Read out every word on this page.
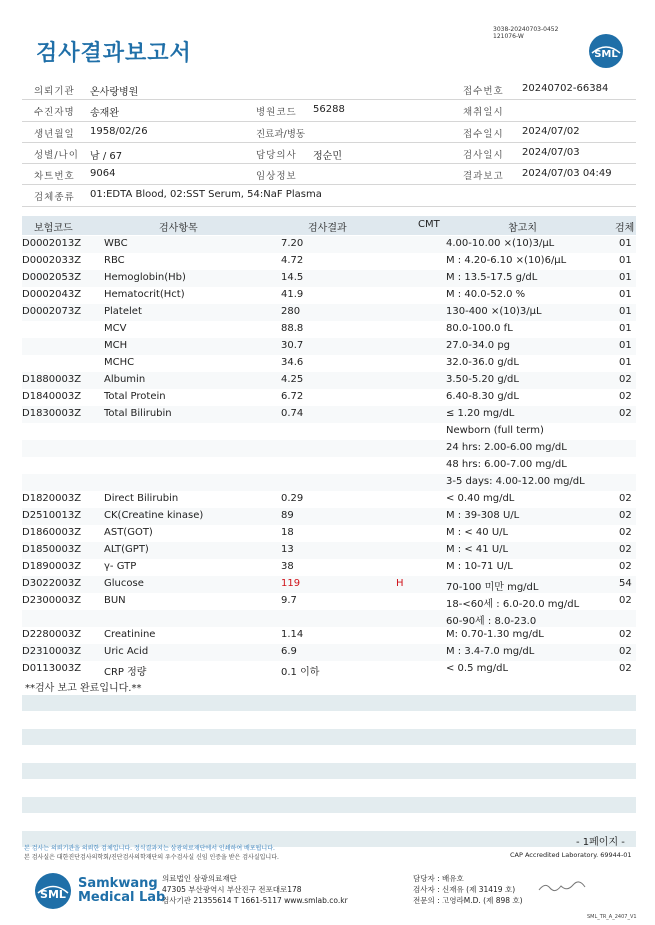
검사결과보고서
3038-20240703-0452
121076-W
SML
의뢰기관 온사랑병원	접수번호 20240702-66384
수진자명 송재완	병원코드 56288	채취일시
생년월일 1958/02/26	진료과/병동	접수일시 2024/07/02
성별/나이 남 / 67	담당의사 정순민	검사일시 2024/07/03
차트번호 9064	임상정보	결과보고 2024/07/03 04:49
검체종류 01:EDTA Blood, 02:SST Serum, 54:NaF Plasma
보험코드	검사항목	검사결과	CMT	참고치	검체
D0002013Z WBC	7.20	4.00-10.00 ×(10)3/μL	01
D0002033Z RBC	4.72	M : 4.20-6.10 ×(10)6/μL	01
D0002053Z Hemoglobin(Hb)	14.5	M : 13.5-17.5 g/dL	01
D0002043Z Hematocrit(Hct)	41.9	M : 40.0-52.0 %	01
D0002073Z Platelet	280	130-400 ×(10)3/μL	01
MCV	88.8	80.0-100.0 fL	01
MCH	30.7	27.0-34.0 pg	01
MCHC	34.6	32.0-36.0 g/dL	01
D1880003Z Albumin	4.25	3.50-5.20 g/dL	02
D1840003Z Total Protein	6.72	6.40-8.30 g/dL	02
D1830003Z Total Bilirubin	0.74	≤ 1.20 mg/dL	02
Newborn (full term)
24 hrs: 2.00-6.00 mg/dL
48 hrs: 6.00-7.00 mg/dL
3-5 days: 4.00-12.00 mg/dL
D1820003Z Direct Bilirubin	0.29	< 0.40 mg/dL	02
D2510013Z CK(Creatine kinase)	89	M : 39-308 U/L	02
D1860003Z AST(GOT)	18	M : < 40 U/L	02
D1850003Z ALT(GPT)	13	M : < 41 U/L	02
D1890003Z γ- GTP	38	M : 10-71 U/L	02
D3022003Z Glucose	119	H	70-100 미만 mg/dL	54
D2300003Z BUN	9.7	18-<60세 : 6.0-20.0 mg/dL	02
60-90세 : 8.0-23.0
D2280003Z Creatinine	1.14	M: 0.70-1.30 mg/dL	02
D2310003Z Uric Acid	6.9	M : 3.4-7.0 mg/dL	02
D0113003Z CRP 정량	0.1 이하	< 0.5 mg/dL	02
**검사 보고 완료입니다.**
본 검사는 의뢰기관을 의뢰한 검체입니다. 정식결과지는 삼광의료재단에서 인쇄하여 배포됩니다.
본 검사실은 대한진단검사의학회/진단검사의학재단의 우수검사실 신임 인증을 받은 검사실입니다.
- 1페이지 -
CAP Accredited Laboratory. 69944-01
SML
Samkwang
Medical Lab
의료법인 삼광의료재단
47305 부산광역시 부산진구 전포대로178
검사기관 21355614 T 1661-5117 www.smlab.co.kr
담당자 : 배유호
검사자 : 신재유 (제 31419 호)
전문의 : 고영라M.D. (제 898 호)
SML_TR_A_2407_V1
